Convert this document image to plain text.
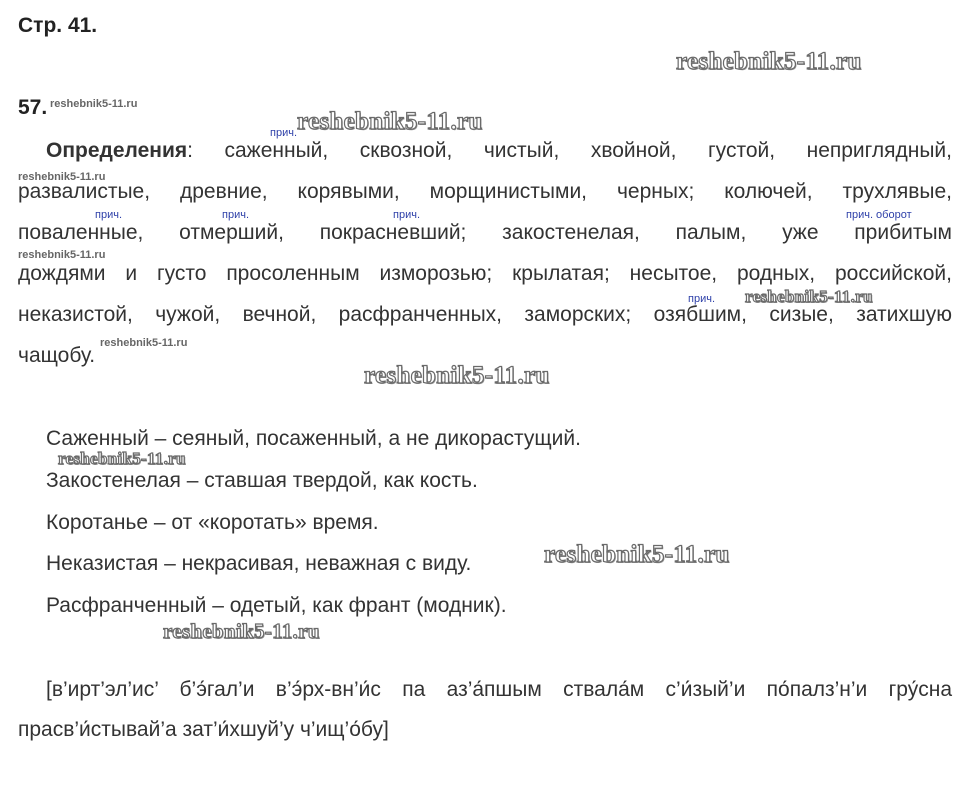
Стр. 41.
reshebnik5-11.ru
57. reshebnik5-11.ru
прич. reshebnik5-11.ru
Определения: саженный, сквозной, чистый, хвойной, густой, неприглядный,
reshebnik5-11.ru
развалистые, древние, корявыми, морщинистыми, черных; колючей, трухлявые,
прич.	прич.	прич.	прич. оборот
поваленные, отмерший, покрасневший; закостенелая, палым, уже прибитым
reshebnik5-11.ru
дождями и густо просоленным изморозью; крылатая; несытое, родных, российской,
прич. reshebnik5-11.ru
неказистой, чужой, вечной, расфранченных, заморских; озябшим, сизые, затихшую
чащобу.
reshebnik5-11.ru
reshebnik5-11.ru
Саженный – сеяный, посаженный, а не дикорастущий.
reshebnik5-11.ru
Закостенелая – ставшая твердой, как кость.
Коротанье – от «коротать» время.
Неказистая – некрасивая, неважная с виду.	reshebnik5-11.ru
Расфранченный – одетый, как франт (модник).
reshebnik5-11.ru
[в’ирт’эл’ис’ б’э́гал’и в’э́рх-вн’и́с па аз’а́пшым ствала́м с’и́зый’и по́палз’н’и гру́сна
прасв’и́стывай’а зат’и́хшуй’у ч’ищ’о́бу]
